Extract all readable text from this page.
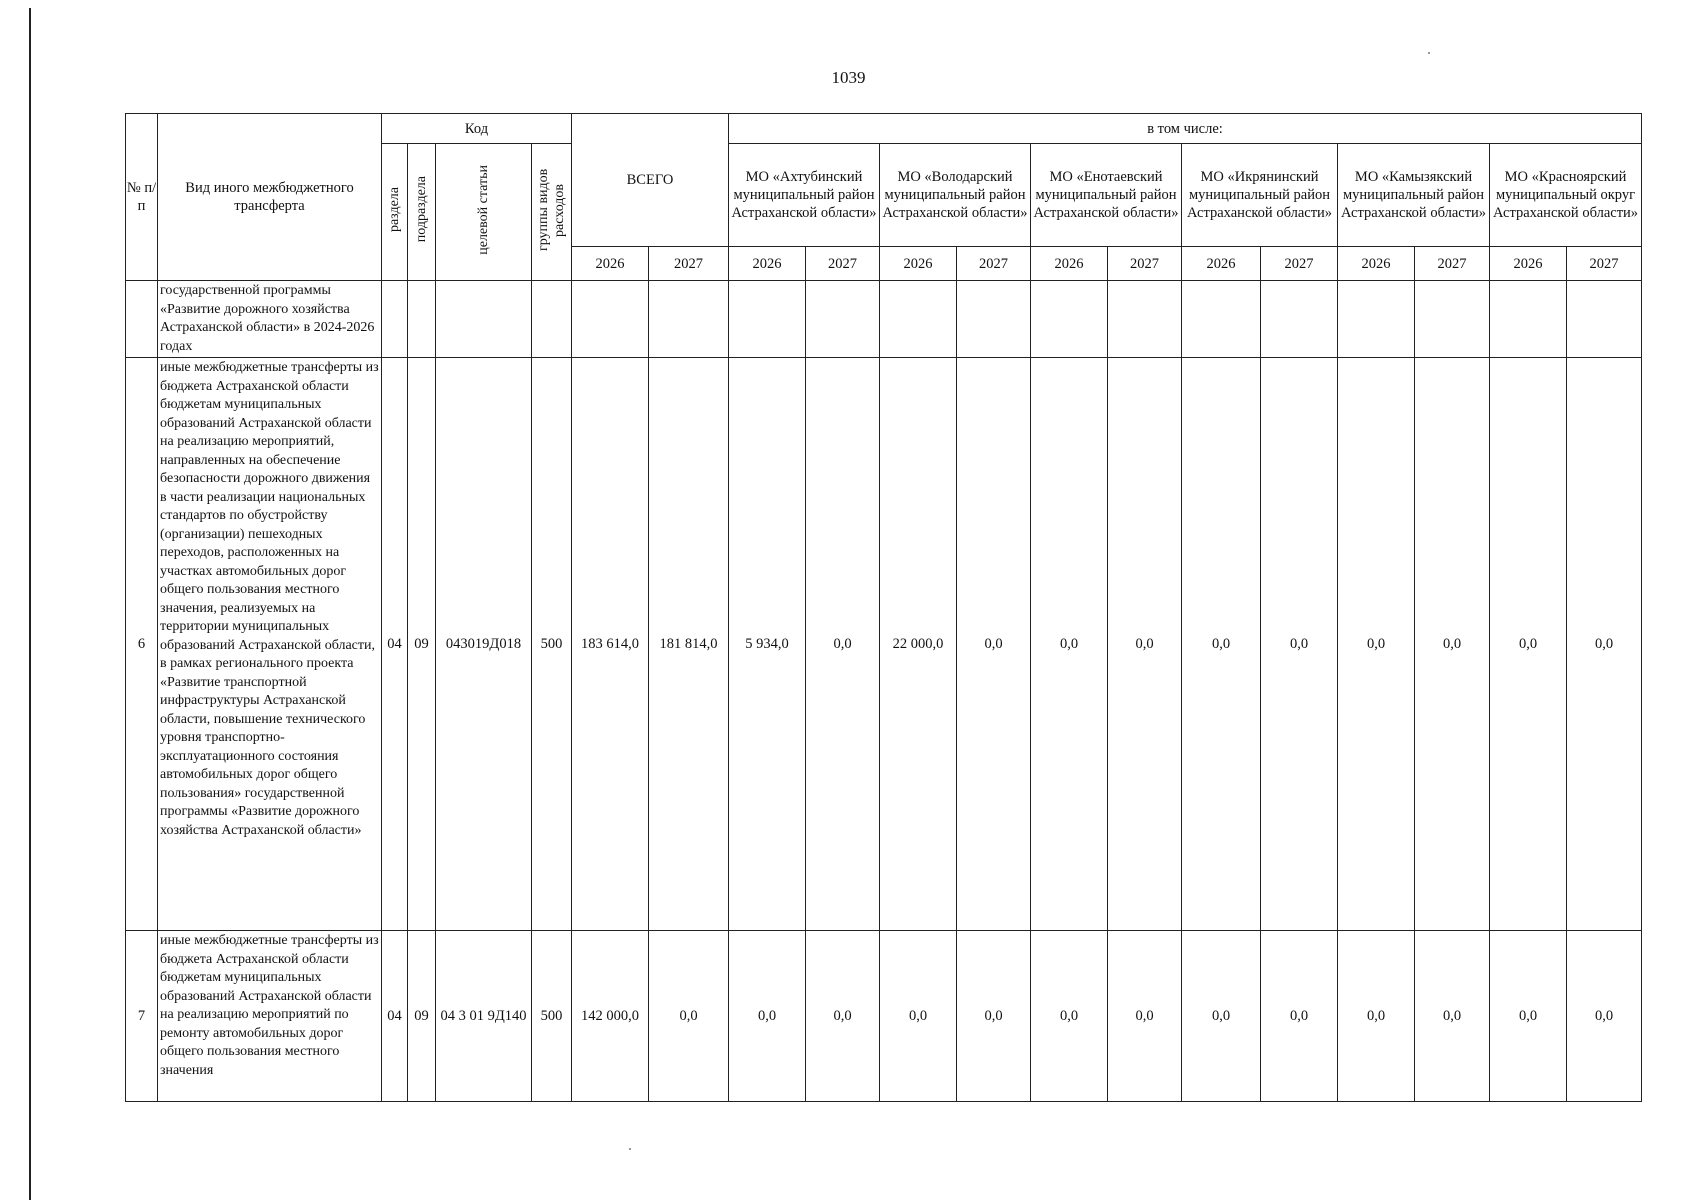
1039
№ п/п	Вид иного межбюджетного трансферта	Код				ВСЕГО		в том числе:											
		раздела	подраздела	целевой статьи	группы видов расходов			МО «Ахтубинский муниципальный район Астраханской области»		МО «Володарский муниципальный район Астраханской области»		МО «Енотаевский муниципальный район Астраханской области»		МО «Икрянинский муниципальный район Астраханской области»		МО «Камызякский муниципальный район Астраханской области»		МО «Красноярский муниципальный округ Астраханской области»	
						2026	2027	2026	2027	2026	2027	2026	2027	2026	2027	2026	2027	2026	2027
	государственной программы «Развитие дорожного хозяйства Астраханской области» в 2024-2026 годах																		
6	иные межбюджетные трансферты из бюджета Астраханской области бюджетам муниципальных образований Астраханской области на реализацию мероприятий, направленных на обеспечение безопасности дорожного движения в части реализации национальных стандартов по обустройству (организации) пешеходных переходов, расположенных на участках автомобильных дорог общего пользования местного значения, реализуемых на территории муниципальных образований Астраханской области, в рамках регионального проекта «Развитие транспортной инфраструктуры Астраханской области, повышение технического уровня транспортно-эксплуатационного состояния автомобильных дорог общего пользования» государственной программы «Развитие дорожного хозяйства Астраханской области»	04	09	043019Д018	500	183 614,0	181 814,0	5 934,0	0,0	22 000,0	0,0	0,0	0,0	0,0	0,0	0,0	0,0	0,0	0,0
7	иные межбюджетные трансферты из бюджета Астраханской области бюджетам муниципальных образований Астраханской области на реализацию мероприятий по ремонту автомобильных дорог общего пользования местного значения	04	09	04 3 01 9Д140	500	142 000,0	0,0	0,0	0,0	0,0	0,0	0,0	0,0	0,0	0,0	0,0	0,0	0,0	0,0
